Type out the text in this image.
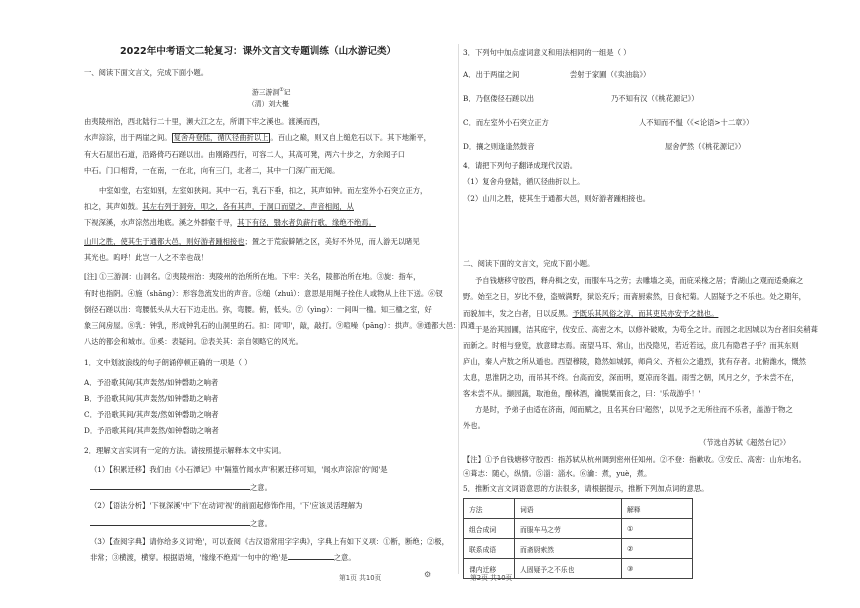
2022年中考语文二轮复习：课外文言文专题训练（山水游记类）
一、阅读下面文言文，完成下面小题。
游三游洞①记
（清）刘大櫆
由夷陵州治，西北陆行二十里，濒大江之左，所谓下牢之溪也。渡溪而西，
水声淙淙，出于两崖之间。 复舍舟登陆，循仄径曲折以上 。百山之巅，则又自上缒危石以下。其下地渐平，
有大石屋出石道，沿路倚巧石蹉以出。由刚路西行，可容二人，其高可凳，两六十步之，方余闻子口
中石。门口相背，一在南，一在北，向有三门，北者二，其中一门深广而无阁。
中室如堂，右室如别，左室如狭间。其中一石，乳石下垂，扣之，其声如钟。而左室外小石突立正方，
扣之，其声如鼓。其左右列于洞旁，叩之，各有其声，于洞口而望之，声音相闻，从
下视深溪，水声淙然出地底。溪之外群壑千寻，其下有径，翳水者负薪行歌，缘绝不绝焉。
山川之胜，使其生于通都大邑，则好游者踵相接也；置之于荒寂僻陋之区，美好不外见，而人游无以睹见
其光也。呜呼！此岂一人之不幸也哉！
[注] ①三游洞：山洞名。②夷陵州治：夷陵州的治所所在地。下牢：关名，陵都治所在地。③旋：指车，
有时也指阴。④施（shāng）：形容急流发出的声音。⑤缒（zhuì）：意思是用绳子拴住人或物从上往下送。⑥钗
倒径石蹉以出：弯腰低头从大石下边走出。弥，弯腰。俯，低头。⑦（yìng）：一间叫一楹。知三楹之室，好
象三间房屋。⑧乳：钟乳，形成钟乳石的山洞里的石。扣：同'叩'，敲，敲打。⑨喧噪（pāng）：拱声。⑩通都大邑：四通
八达的都会和城市。⑪奚：表疑问。⑫表关其：亲自领略它的风光。
1．文中划波浪线的句子朗诵停顿正确的一项是（ ）
A．予沿歌其间/其声轰然/如钟磬助之响者
B．予沿歌其间/其声轰然/如钟磬助之响者
C．予沿歌其间/其声轰/然如钟磬助之响者
D．予沿歌其间/其声轰然/如钟磬助之响者
2．理解文言实词有一定的方法。请按照提示解释本文中实词。
（1）【积累迁移】我们由《小石潭记》中'隔篁竹闻水声'积累迁移可知，'闻水声淙淙'的'闻'是
之意。
（2）【语法分析】'下视深溪'中'下'在动词'视'的前面起修饰作用，'下'应该灵活理解为
之意。
（3）【查阅字典】请你给多义词'绝'，可以查阅《古汉语常用字字典》，字典上有如下义项：①断，断绝；②极，
非常；③横渡，横穿。根据语境，'缘缘不绝焉'一句中的'绝'是	之意。
3．下列句中加点虚词意义和用法相同的一组是（ ）
A．出于两崖之间	尝射于家圃（《卖油翁》）
B．乃伛偻径石蹉以出	乃不知有汉（《桃花源记》）
C．而左室外小石突立正方	人不知而不愠（《<论语>十二章》）
D．攘之则逢逢然鼓音	屋舍俨然（《桃花源记》）
4．请把下列句子翻译成现代汉语。
（1）复舍舟登陆，循仄径曲折以上。
（2）山川之胜，使其生于通都大邑，则好游者踵相接也。
二、阅读下面的文言文，完成下面小题。
予自钱塘移守胶西，释舟楫之安，而服车马之劳；去雕墙之美，而庇采椽之居；背湖山之观而适桑麻之
野。始至之日，岁比不登，盗贼满野，狱讼充斥；而斋厨索然，日食杞菊。人固疑予之不乐也。处之期年，
而貌加丰，发之白者，日以反黑。予既乐其风俗之淳，而其吏民亦安予之拙也。
于是治其园圃，洁其庭宇，伐安丘、高密之木，以修补破败，为苟全之计。而园之北因城以为台者旧矣稍葺
而新之。时相与登览，放意肆志焉。南望马耳、常山，出没隐见，若近若远，庶几有隐君子乎？而其东则
庐山，秦人卢敖之所从遁也。西望穆陵，隐然如城郭，师尚父、齐桓公之遗烈，犹有存者。北俯潍水，慨然
太息，思淮阴之功，而吊其不终。台高而安，深而明，夏凉而冬温。雨雪之朝，风月之夕，予未尝不在，
客未尝不从。撷园蔬，取池鱼，酿秫酒，瀹脱粟而食之，曰：'乐哉游乎！'
方是时，予弟子由适在济南，闻而赋之，且名其台曰'超然'，以见予之无所往而不乐者，盖游于物之
外也。
（节选自苏轼《超然台记》）
【注】①予自钱塘移守胶西：指苏轼从杭州调到密州任知州。②不登：指歉收。③安丘、高密：山东地名。
④葺志：随心，纵情。⑤淄：淄水。⑥瀹：煮，yuè，煮。
5．推断文言文词语意思的方法很多，请根据提示，推断下列加点词的意思。
方法	词语	解释
组合成词	而服车马之劳	①
联系成语	而斋厨索然	②
课内迁移	人固疑予之不乐也	③
第1页 共10页	⚙	第2页 共10页
